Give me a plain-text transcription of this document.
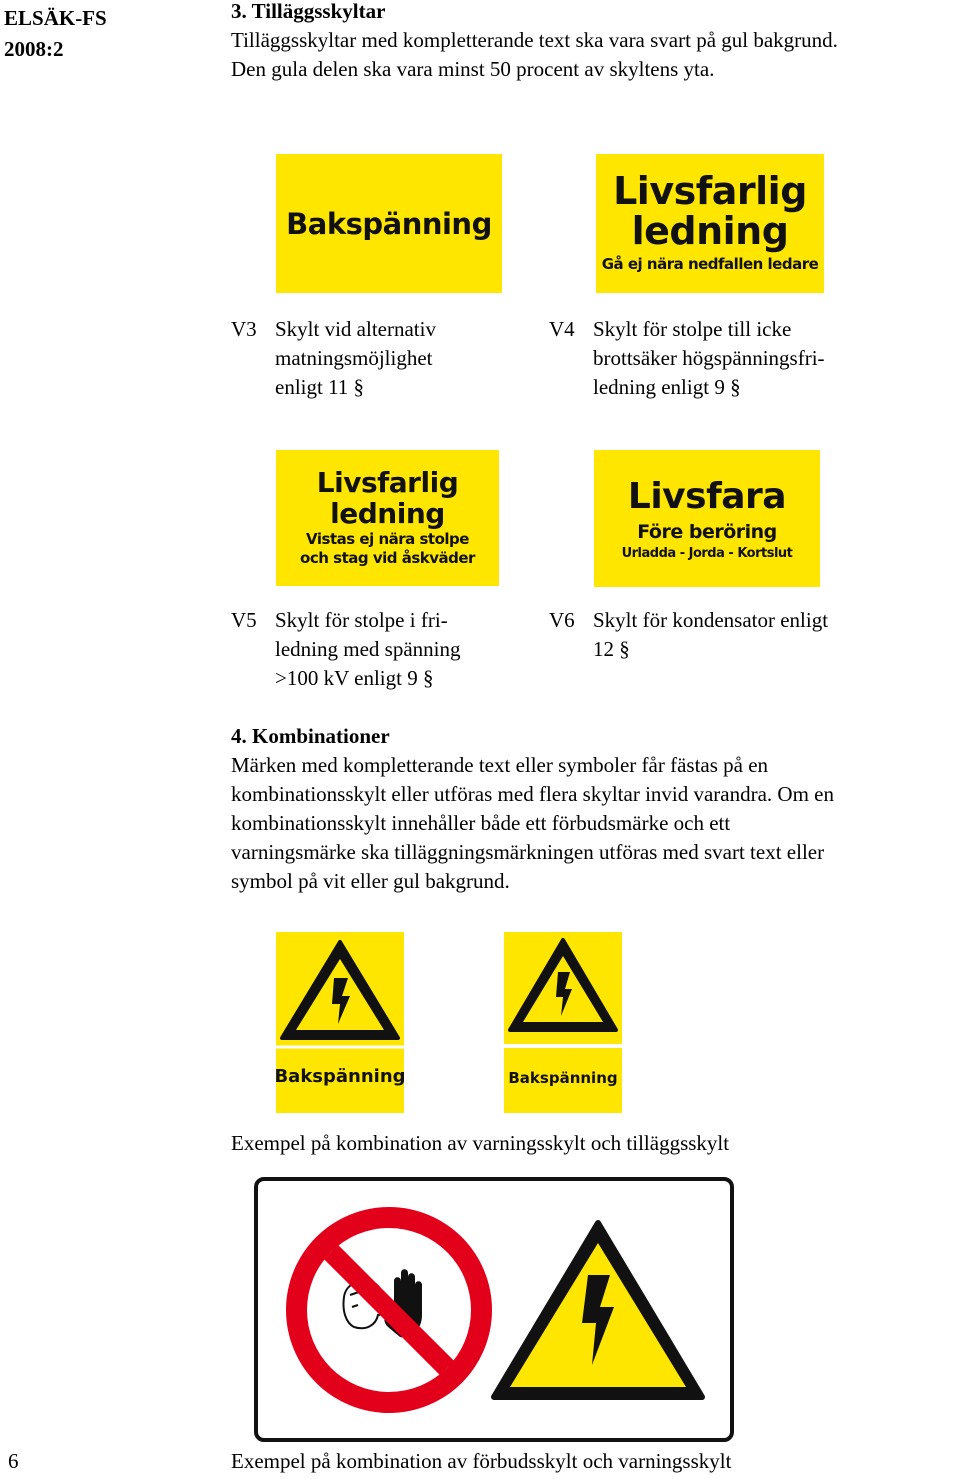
ELSÄK-FS
2008:2
3. Tilläggsskyltar
Tilläggsskyltar med kompletterande text ska vara svart på gul bakgrund.
Den gula delen ska vara minst 50 procent av skyltens yta.
Bakspänning
Livsfarlig
ledning
Gå ej nära nedfallen ledare
V3 Skylt vid alternativ
matningsmöjlighet
enligt 11 §
V4 Skylt för stolpe till icke
brottsäker högspänningsfri-
ledning enligt 9 §
Livsfarlig
ledning
Vistas ej nära stolpe
och stag vid åskväder
Livsfara
Före beröring
Urladda - Jorda - Kortslut
V5 Skylt för stolpe i fri-
ledning med spänning
>100 kV enligt 9 §
V6 Skylt för kondensator enligt
12 §
4. Kombinationer
Märken med kompletterande text eller symboler får fästas på en
kombinationsskylt eller utföras med flera skyltar invid varandra. Om en
kombinationsskylt innehåller både ett förbudsmärke och ett
varningsmärke ska tilläggningsmärkningen utföras med svart text eller
symbol på vit eller gul bakgrund.
Bakspänning	Bakspänning
Exempel på kombination av varningsskylt och tilläggsskylt
6	Exempel på kombination av förbudsskylt och varningsskylt
